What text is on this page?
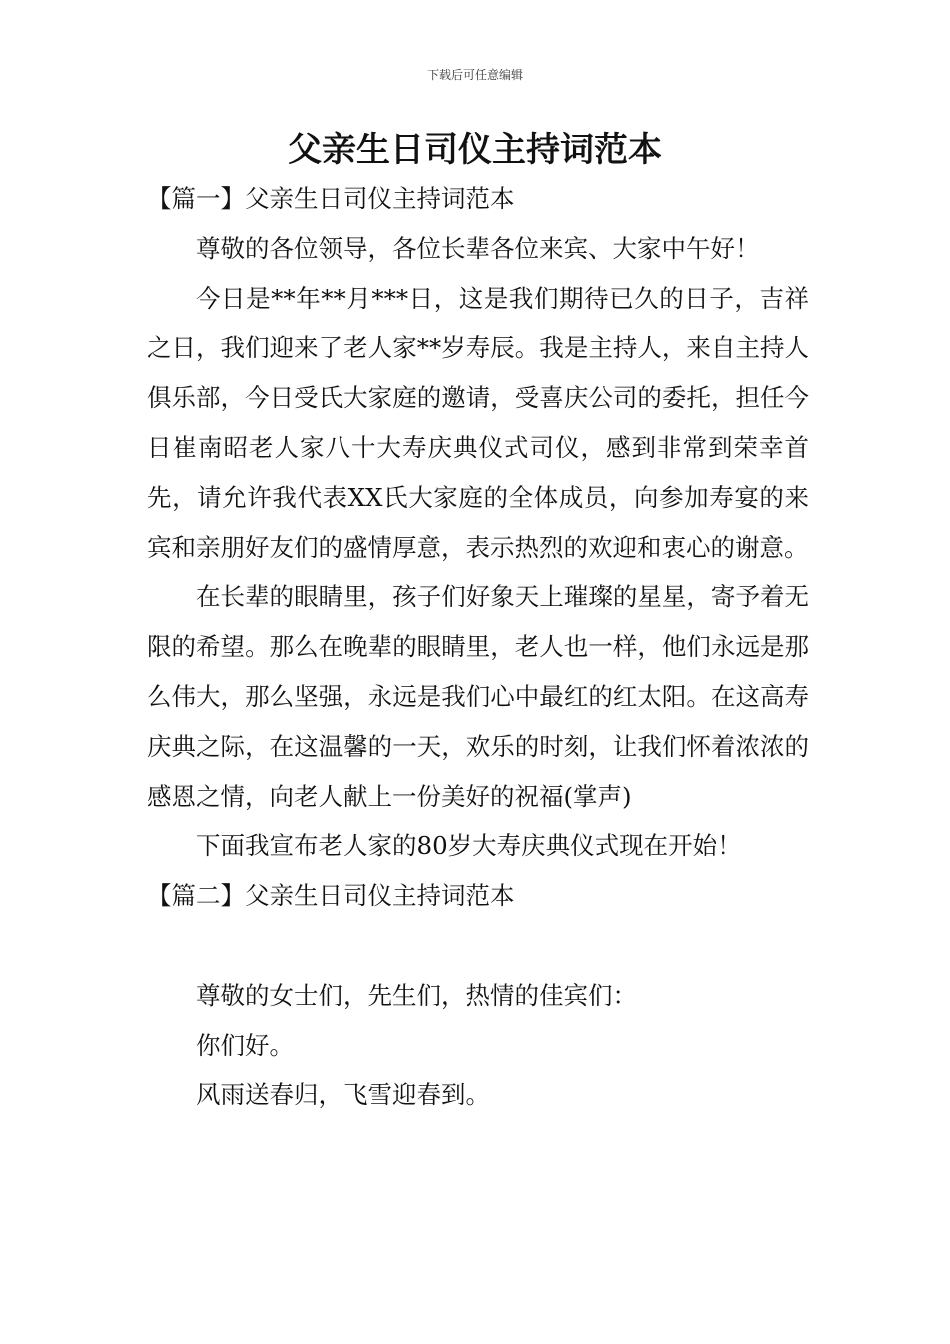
下载后可任意编辑
父亲生日司仪主持词范本

【篇一】父亲生日司仪主持词范本

尊敬的各位领导，各位长辈各位来宾、大家中午好！

今日是**年**月***日，这是我们期待已久的日子，吉祥之日，我们迎来了老人家**岁寿辰。我是主持人，来自主持人俱乐部，今日受氏大家庭的邀请，受喜庆公司的委托，担任今日崔南昭老人家八十大寿庆典仪式司仪，感到非常到荣幸首先，请允许我代表XX氏大家庭的全体成员，向参加寿宴的来宾和亲朋好友们的盛情厚意，表示热烈的欢迎和衷心的谢意。

在长辈的眼睛里，孩子们好象天上璀璨的星星，寄予着无限的希望。那么在晚辈的眼睛里，老人也一样，他们永远是那么伟大，那么坚强，永远是我们心中最红的红太阳。在这高寿庆典之际，在这温馨的一天，欢乐的时刻，让我们怀着浓浓的感恩之情，向老人献上一份美好的祝福(掌声)

下面我宣布老人家的80岁大寿庆典仪式现在开始！

【篇二】父亲生日司仪主持词范本

尊敬的女士们，先生们，热情的佳宾们：

你们好。

风雨送春归，飞雪迎春到。
